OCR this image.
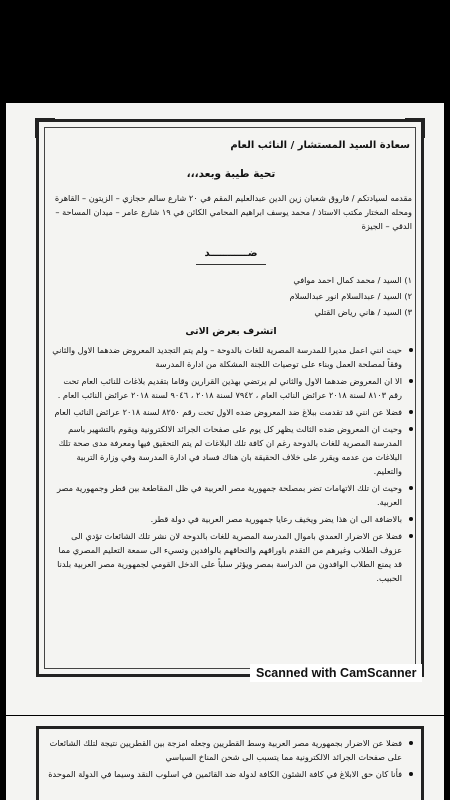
سعادة السيد المستشار / النائب العام
تحية طيبة وبعد،،،
مقدمه لسيادتكم / فاروق شعبان زين الدين عبدالعليم المقم في ٢٠ شارع سالم حجازي – الزيتون – القاهرة ومحله المختار مكتب الاستاذ / محمد يوسف ابراهيم المحامي الكائن في ١٩ شارع عامر – ميدان المساحة – الدقي – الجيزة
ضـــــــــــد
١) السيد / محمد كمال احمد موافي
٢) السيد / عبدالسلام انور عبدالسلام
٣) السيد / هاني رياض القتلي
اتشرف بعرض الاتى
حيث انني اعمل مديرا للمدرسة المصرية للغات بالدوحة – ولم يتم التجديد المعروض ضدهما الاول والثاني وفقاً لمصلحة العمل وبناء على توصيات اللجنة المشكلة من ادارة المدرسة
الا ان المعروض ضدهما الاول والثاني لم يرتضي بهذين القرارين وقاما بتقديم بلاغات للنائب العام تحت رقم ٨١٠٣ لسنة ٢٠١٨ عرائض النائب العام ، ٧٩٤٢ لسنة ٢٠١٨ ، ٩٠٤٦ لسنة ٢٠١٨ عرائض النائب العام .
فضلا عن انني قد تقدمت ببلاغ ضد المعروض ضده الاول تحت رقم ٨٢٥٠ لسنة ٢٠١٨ عرائض النائب العام
وحيث ان المعروض ضده الثالث يظهر كل يوم على صفحات الجرائد الالكترونية ويقوم بالتشهير باسم المدرسة المصرية للغات بالدوحة رغم ان كافة تلك البلاغات لم يتم التحقيق فيها ومعرفة مدى صحة تلك البلاغات من عدمه ويقرر على خلاف الحقيقة بان هناك فساد في ادارة المدرسة وفي وزارة التربية والتعليم.
وحيث ان تلك الاتهامات تضر بمصلحة جمهورية مصر العربية في ظل المقاطعة بين قطر وجمهورية مصر العربية.
بالاضافة الى ان هذا يضر ويخيف رعايا جمهورية مصر العربية في دولة قطر.
فضلا عن الاضرار العمدي باموال المدرسة المصرية للغات بالدوحة لان نشر تلك الشائعات تؤدي الى عزوف الطلاب وغيرهم من التقدم باوراقهم والتحاقهم بالوافدين وتسيء الى سمعة التعليم المصري مما قد يمنع الطلاب الوافدون من الدراسة بمصر ويؤثر سلباً على الدخل القومي لجمهورية مصر العربية بلدنا الحبيب.
Scanned with CamScanner
فضلا عن الاضرار بجمهورية مصر العربية وسط القطريين وجعله امزجة بين القطريين نتيجة لتلك الشائعات على صفحات الجرائد الالكترونية مما يتسبب الى شحن المناخ السياسي
فأنا كان حق الابلاغ في كافة الشئون الكافة لدولة ضد القائمين في اسلوب النقد وسيما في الدولة الموحدة
